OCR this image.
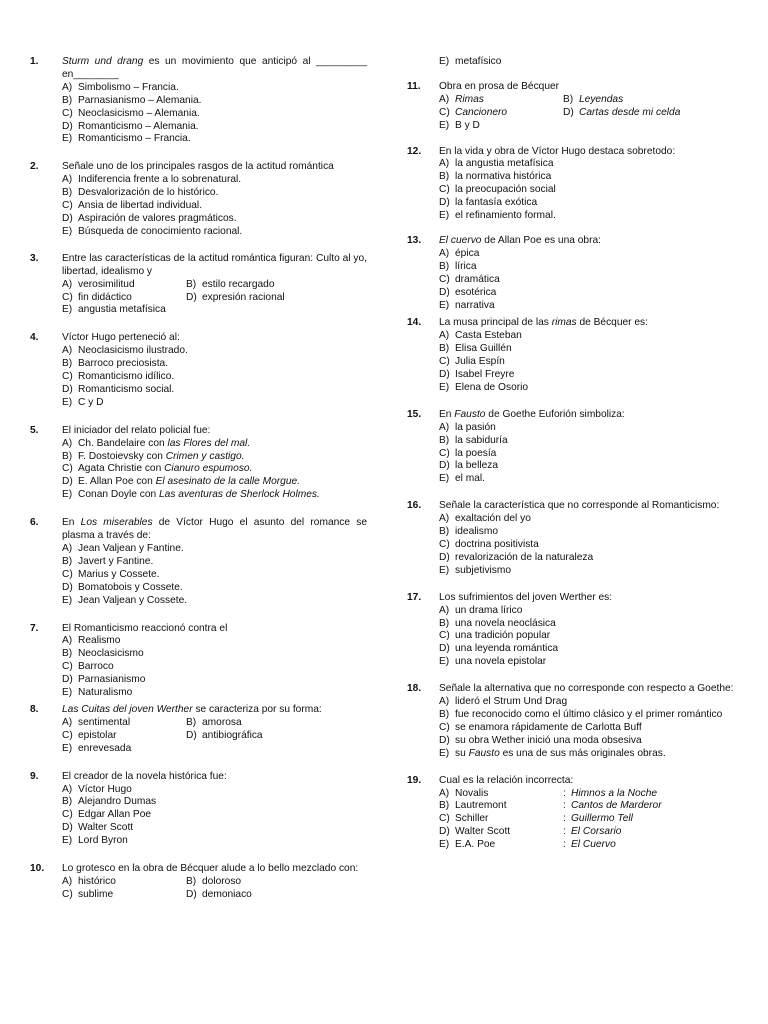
1.	Sturm und drang es un movimiento que anticipó al _________ en________
A) Simbolismo – Francia.
B) Parnasianismo – Alemania.
C) Neoclasicismo – Alemania.
D) Romanticismo – Alemania.
E) Romanticismo – Francia.
2.	Señale uno de los principales rasgos de la actitud romántica
A) Indiferencia frente a lo sobrenatural.
B) Desvalorización de lo histórico.
C) Ansia de libertad individual.
D) Aspiración de valores pragmáticos.
E) Búsqueda de conocimiento racional.
3.	Entre las características de la actitud romántica figuran: Culto al yo, libertad, idealismo y
A) verosimilitud	B) estilo recargado
C) fin didáctico	D) expresión racional
E) angustia metafísica
4.	Víctor Hugo perteneció al:
A) Neoclasicismo ilustrado.
B) Barroco preciosista.
C) Romanticismo idílico.
D) Romanticismo social.
E) C y D
5.	El iniciador del relato policial fue:
A) Ch. Bandelaire con las Flores del mal.
B) F. Dostoievsky con Crimen y castigo.
C) Agata Christie con Cianuro espumoso.
D) E. Allan Poe con El asesinato de la calle Morgue.
E) Conan Doyle con Las aventuras de Sherlock Holmes.
6.	En Los miserables de Víctor Hugo el asunto del romance se plasma a través de:
A) Jean Valjean y Fantine.
B) Javert y Fantine.
C) Marius y Cossete.
D) Bomatobois y Cossete.
E) Jean Valjean y Cossete.
7.	El Romanticismo reaccionó contra el
A) Realismo
B) Neoclasicismo
C) Barroco
D) Parnasianismo
E) Naturalismo
8.	Las Cuitas del joven Werther se caracteriza por su forma:
A) sentimental	B) amorosa
C) epistolar	D) antibiográfica
E) enrevesada
9.	El creador de la novela histórica fue:
A) Víctor Hugo
B) Alejandro Dumas
C) Edgar Allan Poe
D) Walter Scott
E) Lord Byron
10.	Lo grotesco en la obra de Bécquer alude a lo bello mezclado con:
A) histórico	B) doloroso
C) sublime	D) demoniaco
E) metafísico
11.	Obra en prosa de Bécquer
A) Rimas	B) Leyendas
C) Cancionero	D) Cartas desde mi celda
E) B y D
12.	En la vida y obra de Víctor Hugo destaca sobretodo:
A) la angustia metafísica
B) la normativa histórica
C) la preocupación social
D) la fantasía exótica
E) el refinamiento formal.
13.	El cuervo de Allan Poe es una obra:
A) épica
B) lírica
C) dramática
D) esotérica
E) narrativa
14.	La musa principal de las rimas de Bécquer es:
A) Casta Esteban
B) Elisa Guillén
C) Julia Espín
D) Isabel Freyre
E) Elena de Osorio
15.	En Fausto de Goethe Euforión simboliza:
A) la pasión
B) la sabiduría
C) la poesía
D) la belleza
E) el mal.
16.	Señale la característica que no corresponde al Romanticismo:
A) exaltación del yo
B) idealismo
C) doctrina positivista
D) revalorización de la naturaleza
E) subjetivismo
17.	Los sufrimientos del joven Werther es:
A) un drama lírico
B) una novela neoclásica
C) una tradición popular
D) una leyenda romántica
E) una novela epistolar
18.	Señale la alternativa que no corresponde con respecto a Goethe:
A) lideró el Strum Und Drag
B) fue reconocido como el último clásico y el primer romántico
C) se enamora rápidamente de Carlotta Buff
D) su obra Wether inició una moda obsesiva
E) su Fausto es una de sus más originales obras.
19.	Cual es la relación incorrecta:
A) Novalis	: Himnos a la Noche
B) Lautremont	: Cantos de Marderor
C) Schiller	: Guillermo Tell
D) Walter Scott	: El Corsario
E) E.A. Poe	: El Cuervo
